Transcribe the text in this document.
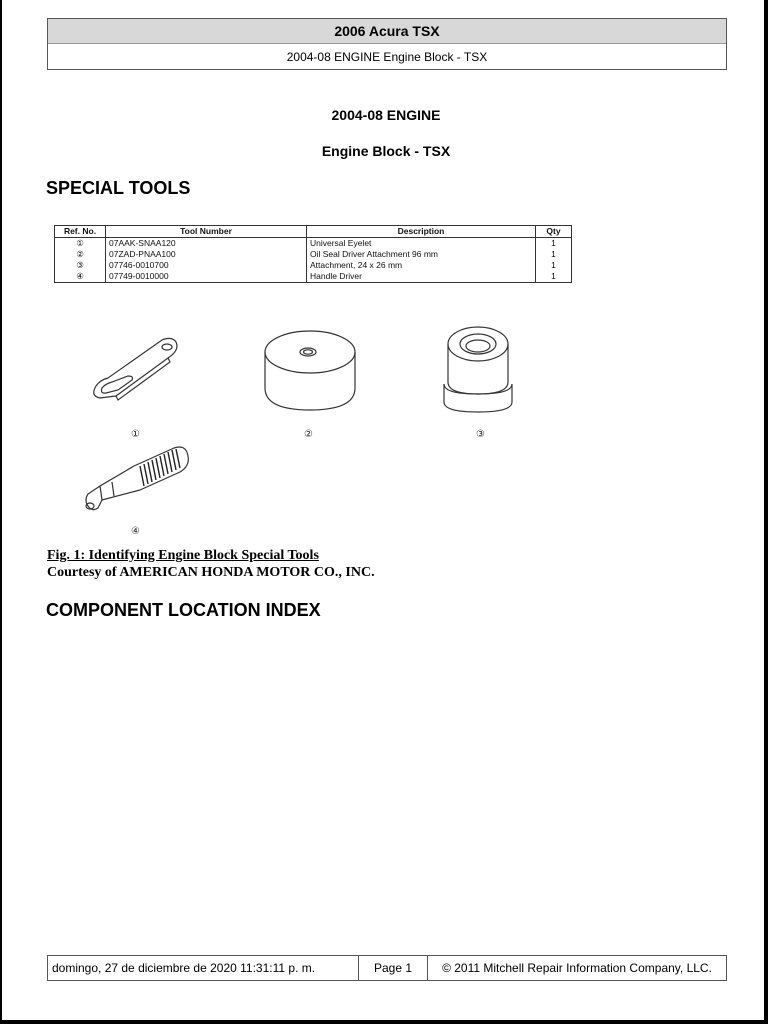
2006 Acura TSX
2004-08 ENGINE Engine Block - TSX
2004-08 ENGINE
Engine Block - TSX
SPECIAL TOOLS
Ref. No.	Tool Number	Description	Qty
①	07AAK-SNAA120	Universal Eyelet	1
②	07ZAD-PNAA100	Oil Seal Driver Attachment 96 mm	1
③	07746-0010700	Attachment, 24 x 26 mm	1
④	07749-0010000	Handle Driver	1
①	②	③
④
Fig. 1: Identifying Engine Block Special Tools
Courtesy of AMERICAN HONDA MOTOR CO., INC.
COMPONENT LOCATION INDEX
domingo, 27 de diciembre de 2020 11:31:11 p. m.	Page 1	© 2011 Mitchell Repair Information Company, LLC.
